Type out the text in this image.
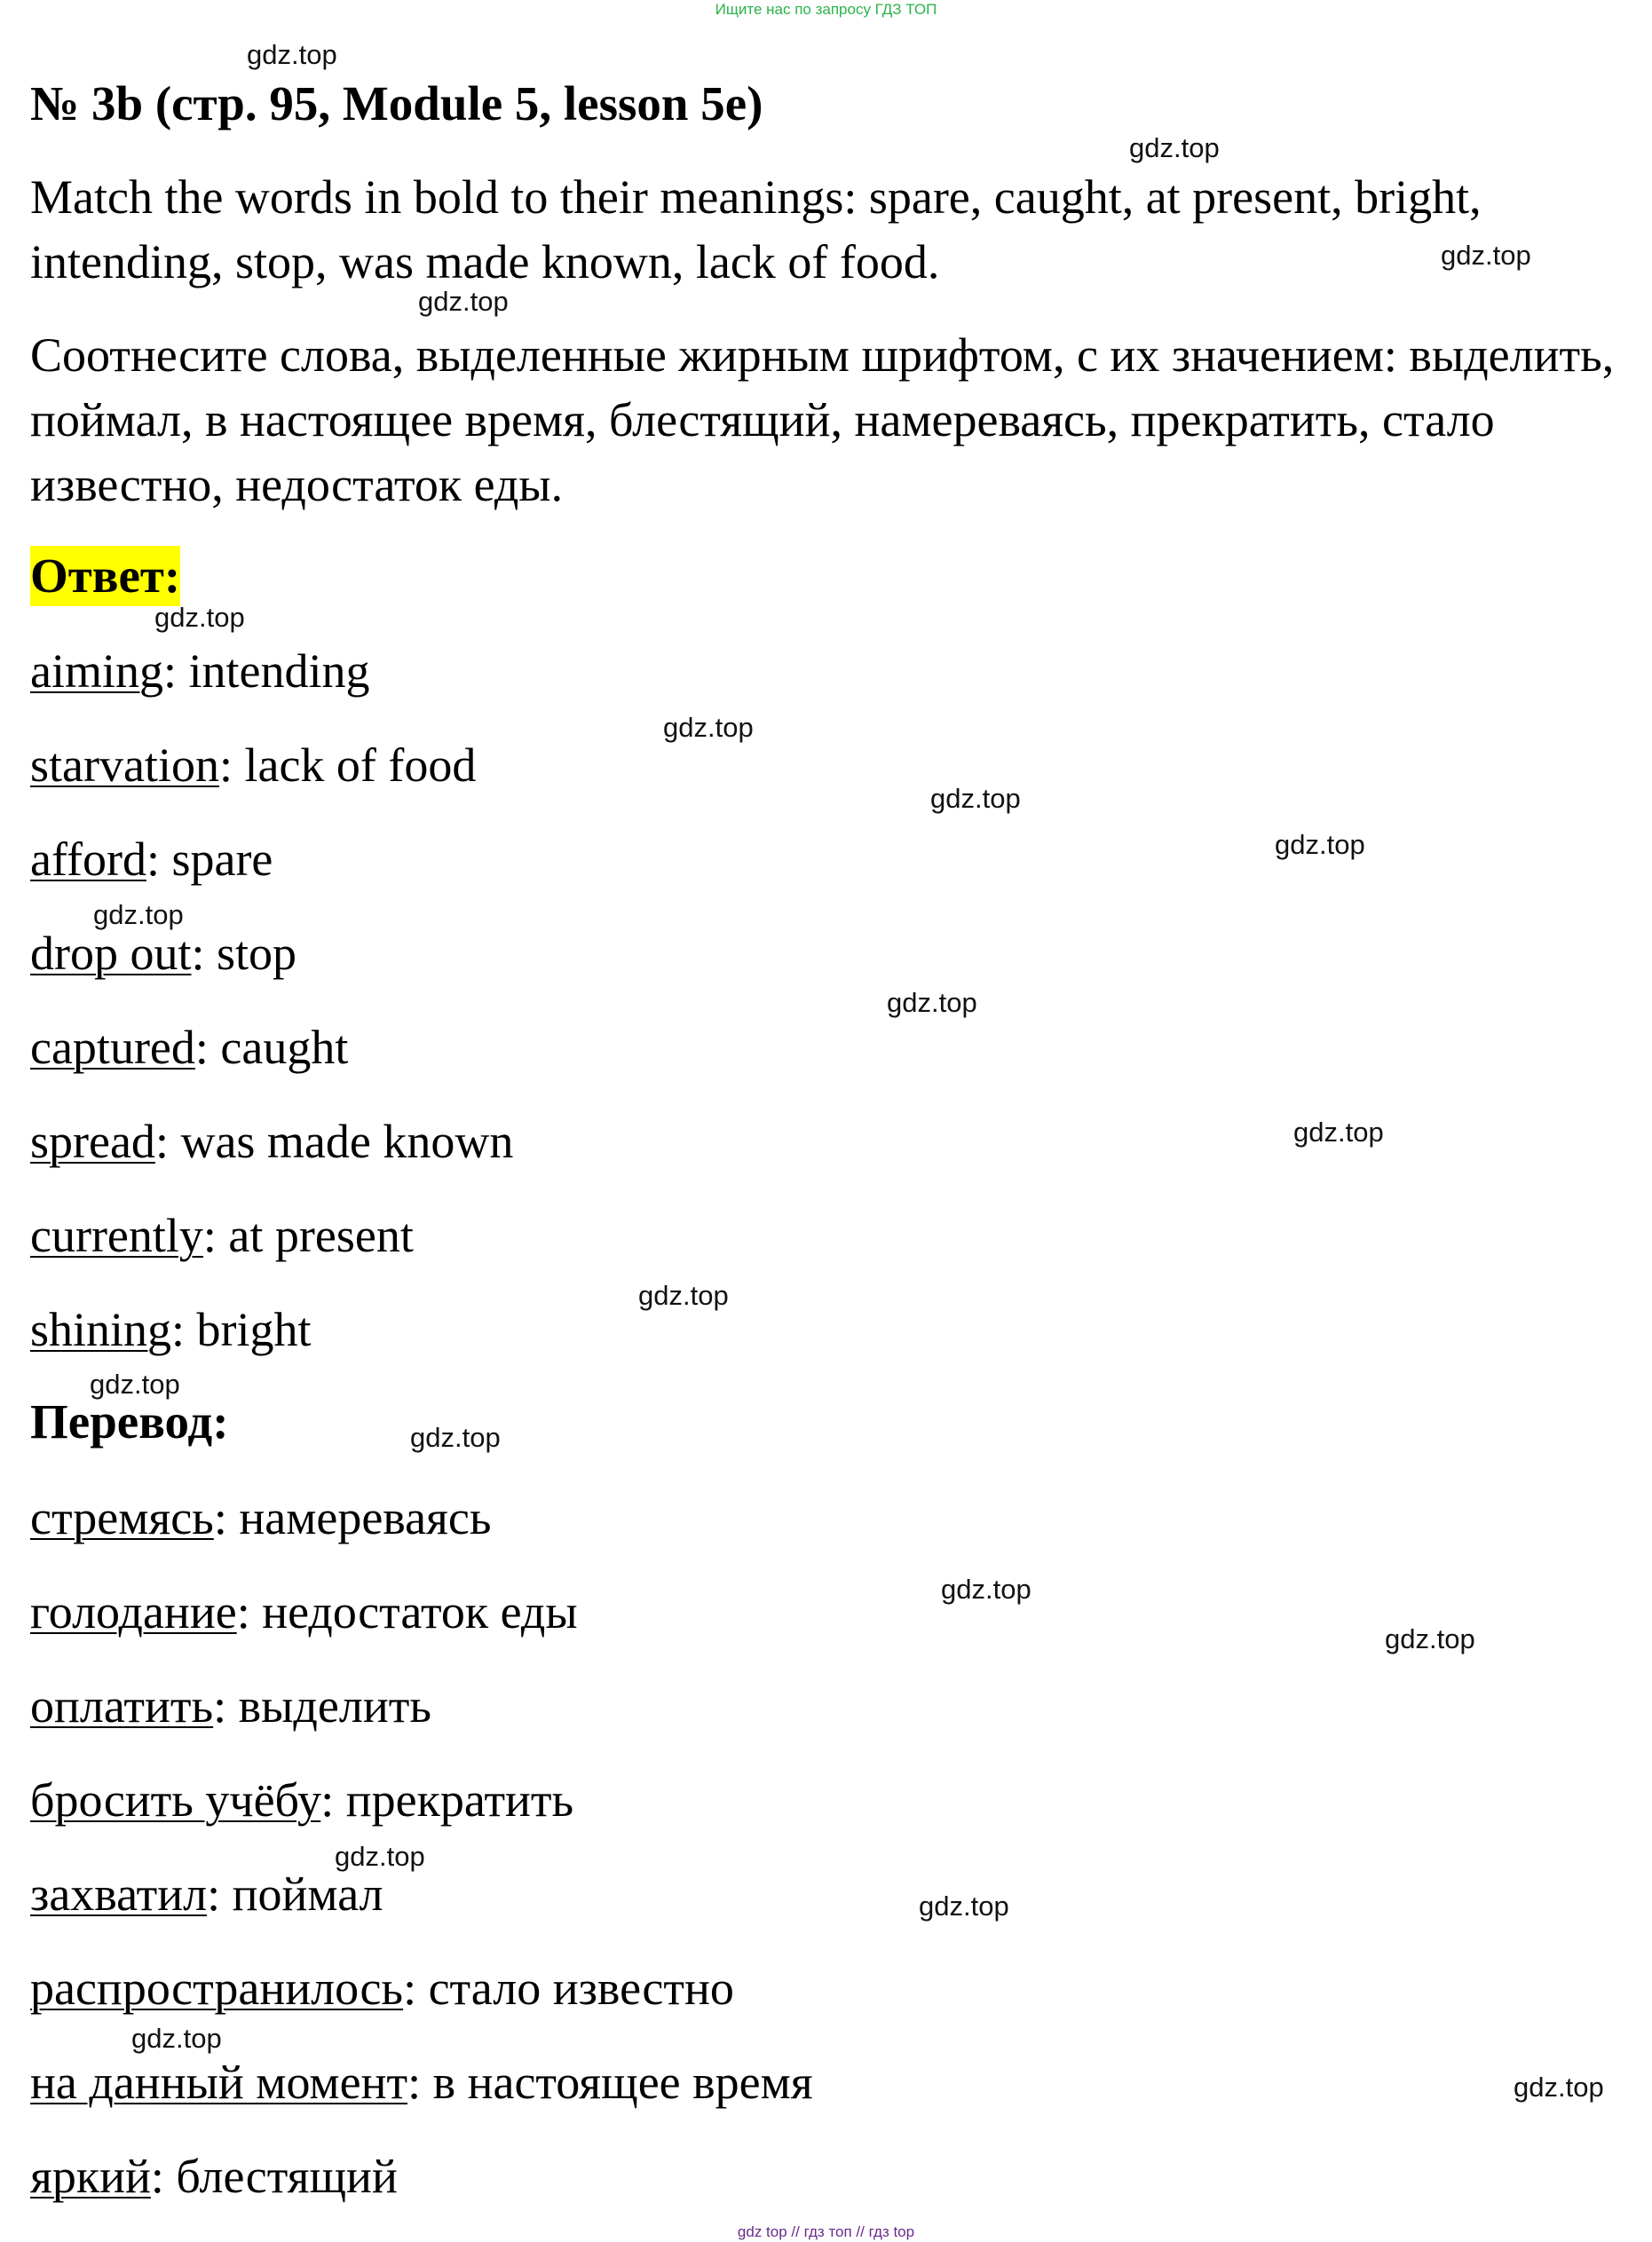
Ищите нас по запросу ГДЗ ТОП
gdz.top
№ 3b (стр. 95, Module 5, lesson 5e)
gdz.top
Match the words in bold to their meanings: spare, caught, at present, bright, intending, stop, was made known, lack of food.	gdz.top
gdz.top
Соотнесите слова, выделенные жирным шрифтом, с их значением: выделить, поймал, в настоящее время, блестящий, намереваясь, прекратить, стало известно, недостаток еды.
Ответ:
gdz.top
aiming: intending
gdz.top
starvation: lack of food
gdz.top
gdz.top
afford: spare
gdz.top
drop out: stop
gdz.top
captured: caught
spread: was made known	gdz.top
currently: at present
gdz.top
shining: bright
gdz.top
Перевод:	gdz.top
стремясь: намереваясь
gdz.top
голодание: недостаток еды
gdz.top
оплатить: выделить
бросить учёбу: прекратить
gdz.top
захватил: поймал	gdz.top
распространилось: стало известно
gdz.top
на данный момент: в настоящее время	gdz.top
яркий: блестящий
gdz top // гдз топ // гдз top
